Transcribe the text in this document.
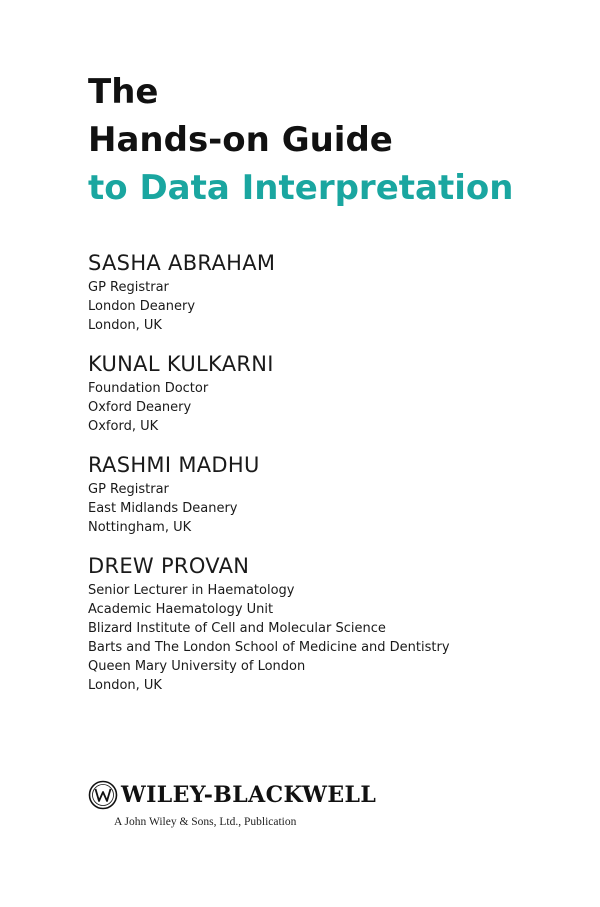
The
Hands-on Guide
to Data Interpretation
SASHA ABRAHAM
GP Registrar
London Deanery
London, UK
KUNAL KULKARNI
Foundation Doctor
Oxford Deanery
Oxford, UK
RASHMI MADHU
GP Registrar
East Midlands Deanery
Nottingham, UK
DREW PROVAN
Senior Lecturer in Haematology
Academic Haematology Unit
Blizard Institute of Cell and Molecular Science
Barts and The London School of Medicine and Dentistry
Queen Mary University of London
London, UK
WILEY-BLACKWELL
A John Wiley & Sons, Ltd., Publication
